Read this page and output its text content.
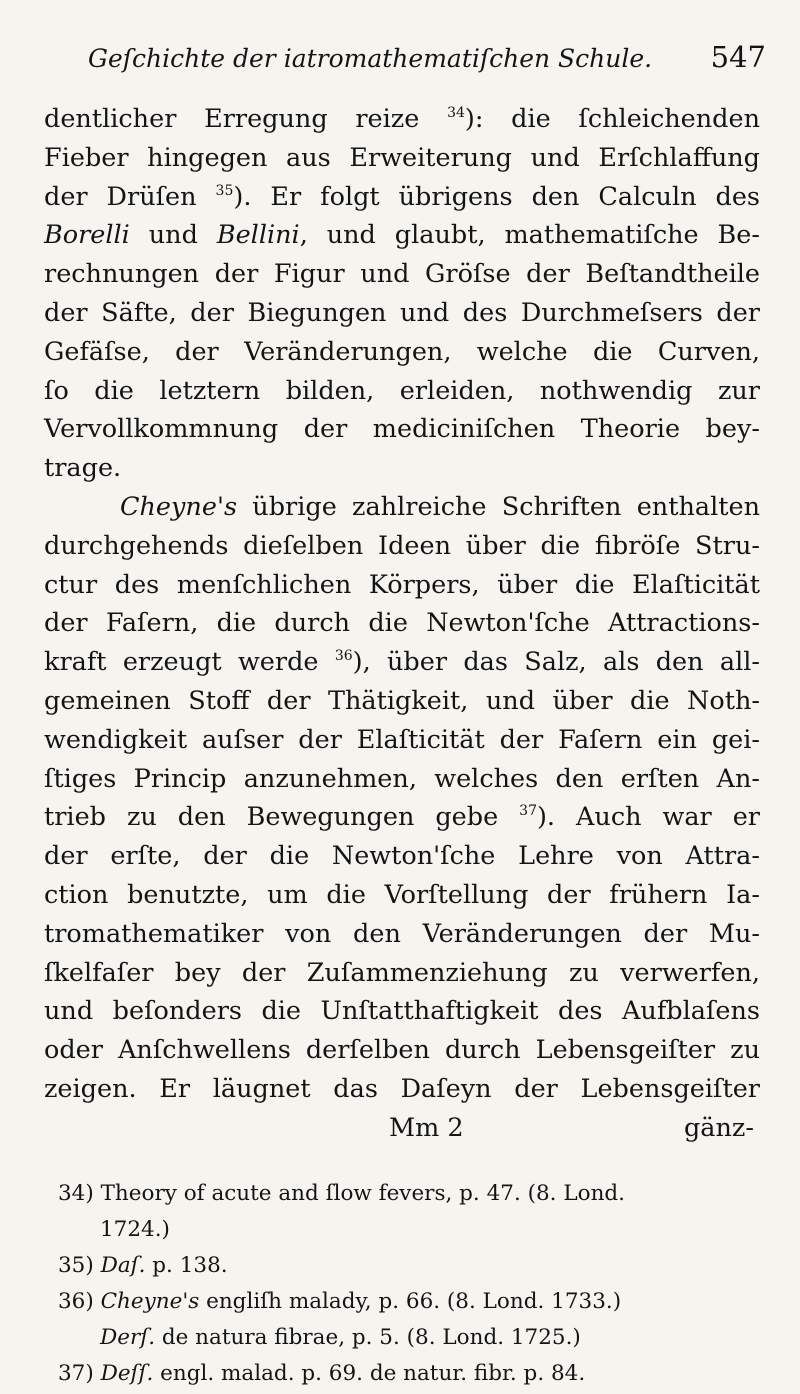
Geſchichte der iatromathematiſchen Schule. 547
dentlicher Erregung reize $^{34}$): die ſchleichenden
Fieber hingegen aus Erweiterung und Erſchlaffung
der Drüſen $^{35}$). Er folgt übrigens den Calculn des
Borelli und Bellini, und glaubt, mathematiſche Be-
rechnungen der Figur und Gröſse der Beſtandtheile
der Säfte, der Biegungen und des Durchmeſsers der
Gefäſse, der Veränderungen, welche die Curven,
ſo die letztern bilden, erleiden, nothwendig zur
Vervollkommnung der mediciniſchen Theorie bey-
trage.
Cheyne's übrige zahlreiche Schriften enthalten
durchgehends dieſelben Ideen über die fibröſe Stru-
ctur des menſchlichen Körpers, über die Elaſticität
der Faſern, die durch die Newton'ſche Attractions-
kraft erzeugt werde $^{36}$), über das Salz, als den all-
gemeinen Stoff der Thätigkeit, und über die Noth-
wendigkeit auſser der Elaſticität der Faſern ein gei-
ſtiges Princip anzunehmen, welches den erſten An-
trieb zu den Bewegungen gebe $^{37}$). Auch war er
der erſte, der die Newton'ſche Lehre von Attra-
ction benutzte, um die Vorſtellung der frühern Ia-
tromathematiker von den Veränderungen der Mu-
ſkelfaſer bey der Zuſammenziehung zu verwerfen,
und beſonders die Unſtatthaftigkeit des Aufblaſens
oder Anſchwellens derſelben durch Lebensgeiſter zu
zeigen. Er läugnet das Daſeyn der Lebensgeiſter
Mm 2	gänz-
34) Theory of acute and ſlow fevers, p. 47. (8. Lond.
1724.)
35) Daſ. p. 138.
36) Cheyne's engliſh malady, p. 66. (8. Lond. 1733.)
Derſ. de natura fibrae, p. 5. (8. Lond. 1725.)
37) Deſſ. engl. malad. p. 69. de natur. fibr. p. 84.
